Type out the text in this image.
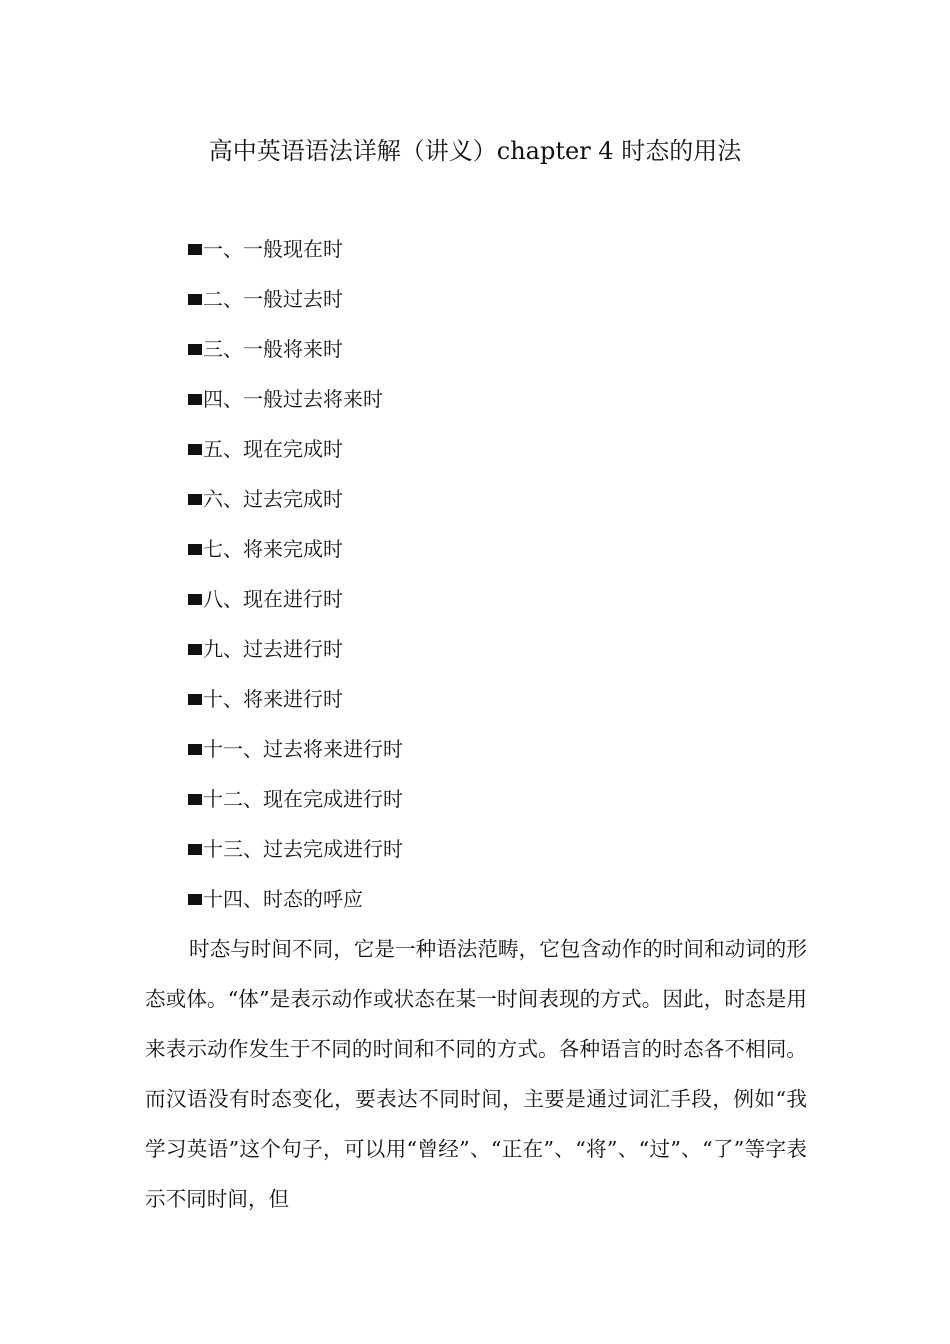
高中英语语法详解（讲义）chapter 4 时态的用法
一、一般现在时
二、一般过去时
三、一般将来时
四、一般过去将来时
五、现在完成时
六、过去完成时
七、将来完成时
八、现在进行时
九、过去进行时
十、将来进行时
十一、过去将来进行时
十二、现在完成进行时
十三、过去完成进行时
十四、时态的呼应

时态与时间不同，它是一种语法范畴，它包含动作的时间和动词的形态或体。“体”是表示动作或状态在某一时间表现的方式。因此，时态是用来表示动作发生于不同的时间和不同的方式。各种语言的时态各不相同。而汉语没有时态变化，要表达不同时间，主要是通过词汇手段，例如“我学习英语”这个句子，可以用“曾经”、“正在”、“将”、“过”、“了”等字表示不同时间，但
